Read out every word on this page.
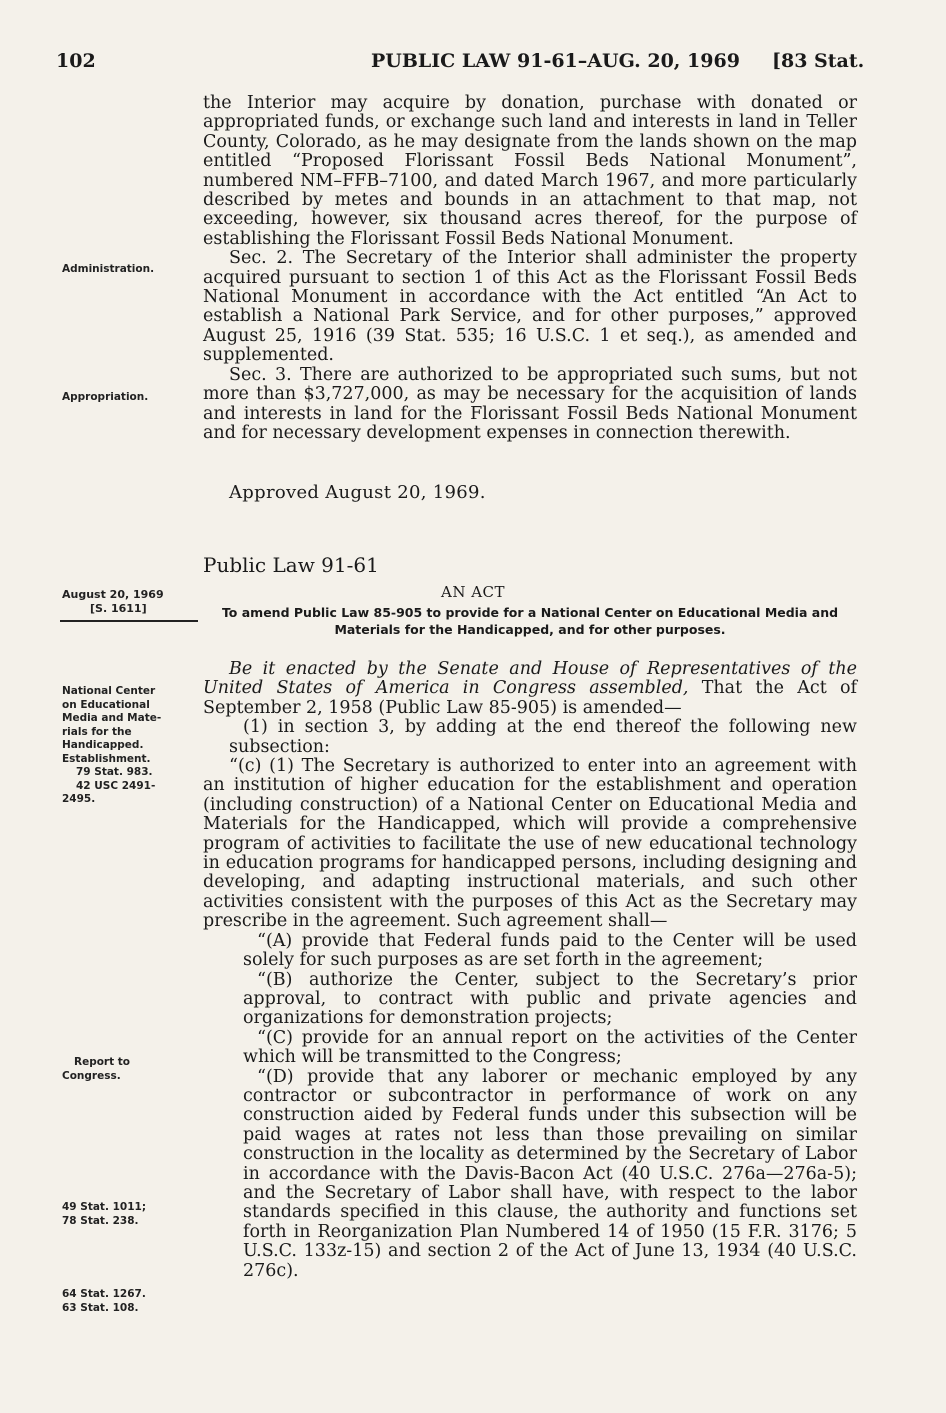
102	PUBLIC LAW 91-61–AUG. 20, 1969 [83 Stat.

the Interior may acquire by donation, purchase with donated or appropriated funds, or exchange such land and interests in land in Teller County, Colorado, as he may designate from the lands shown on the map entitled “Proposed Florissant Fossil Beds National Monument”, numbered NM–FFB–7100, and dated March 1967, and more particularly described by metes and bounds in an attachment to that map, not exceeding, however, six thousand acres thereof, for the purpose of establishing the Florissant Fossil Beds National Monument.

Sec. 2. The Secretary of the Interior shall administer the property acquired pursuant to section 1 of this Act as the Florissant Fossil Beds National Monument in accordance with the Act entitled “An Act to establish a National Park Service, and for other purposes,” approved August 25, 1916 (39 Stat. 535; 16 U.S.C. 1 et seq.), as amended and supplemented.

Sec. 3. There are authorized to be appropriated such sums, but not more than $3,727,000, as may be necessary for the acquisition of lands and interests in land for the Florissant Fossil Beds National Monument and for necessary development expenses in connection therewith.

Approved August 20, 1969.
Administration.
Appropriation.
Public Law 91-61
August 20, 1969
[S. 1611]
AN ACT
To amend Public Law 85-905 to provide for a National Center on Educational Media and Materials for the Handicapped, and for other purposes.

Be it enacted by the Senate and House of Representatives of the United States of America in Congress assembled, That the Act of September 2, 1958 (Public Law 85-905) is amended—

(1) in section 3, by adding at the end thereof the following new subsection:

“(c) (1) The Secretary is authorized to enter into an agreement with an institution of higher education for the establishment and operation (including construction) of a National Center on Educational Media and Materials for the Handicapped, which will provide a comprehensive program of activities to facilitate the use of new educational technology in education programs for handicapped persons, including designing and developing, and adapting instructional materials, and such other activities consistent with the purposes of this Act as the Secretary may prescribe in the agreement. Such agreement shall—

“(A) provide that Federal funds paid to the Center will be used solely for such purposes as are set forth in the agreement;

“(B) authorize the Center, subject to the Secretary’s prior approval, to contract with public and private agencies and organizations for demonstration projects;

“(C) provide for an annual report on the activities of the Center which will be transmitted to the Congress;

“(D) provide that any laborer or mechanic employed by any contractor or subcontractor in performance of work on any construction aided by Federal funds under this subsection will be paid wages at rates not less than those prevailing on similar construction in the locality as determined by the Secretary of Labor in accordance with the Davis-Bacon Act (40 U.S.C. 276a—276a-5); and the Secretary of Labor shall have, with respect to the labor standards specified in this clause, the authority and functions set forth in Reorganization Plan Numbered 14 of 1950 (15 F.R. 3176; 5 U.S.C. 133z-15) and section 2 of the Act of June 13, 1934 (40 U.S.C. 276c).

National Center
on Educational
Media and Mate-
rials for the
Handicapped.
Establishment.
79 Stat. 983.
42 USC 2491-
2495.
Report to
Congress.
49 Stat. 1011;
78 Stat. 238.
64 Stat. 1267.
63 Stat. 108.
